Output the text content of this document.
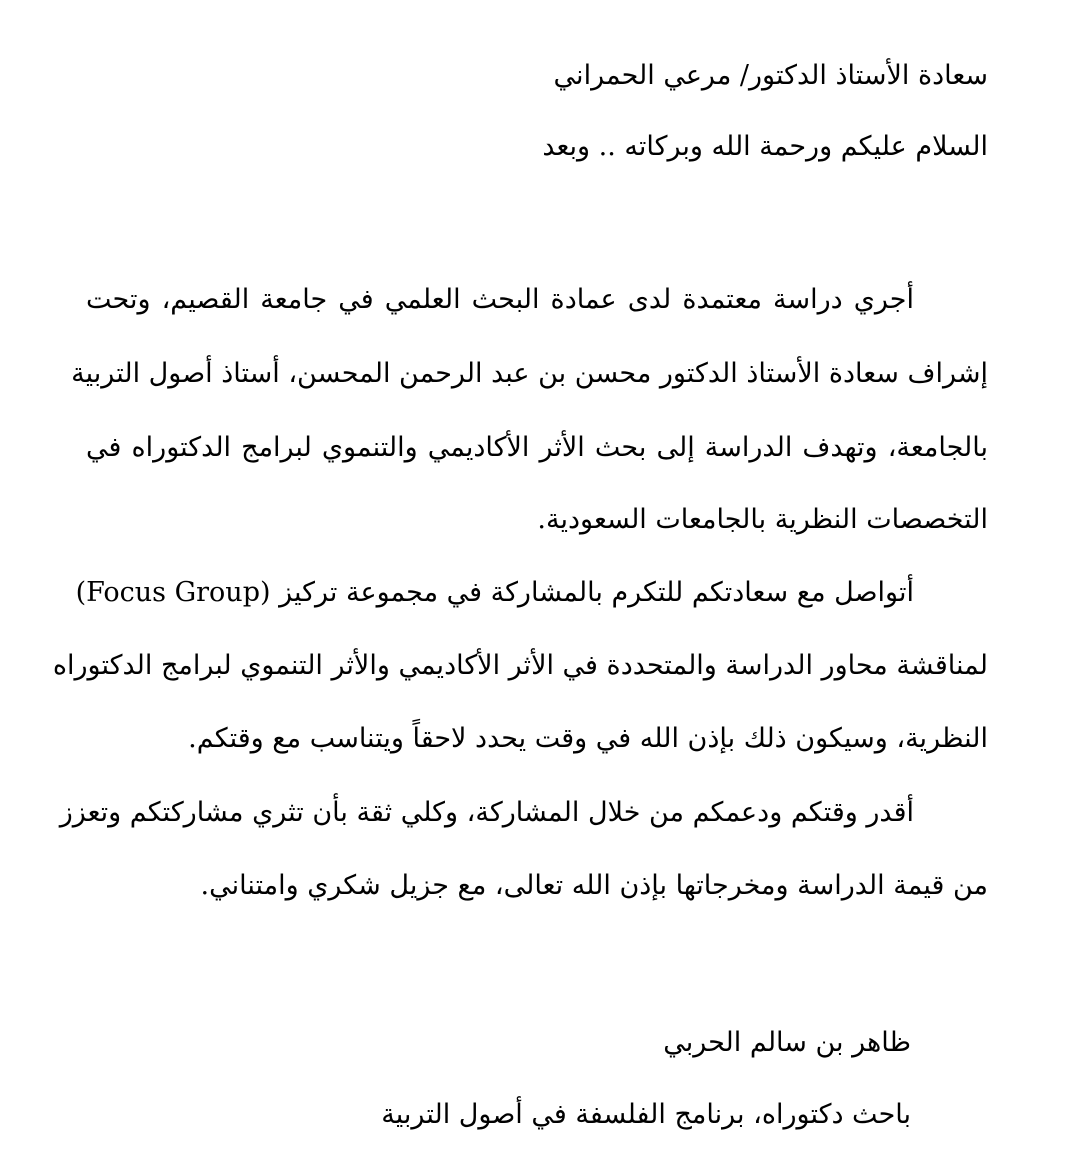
سعادة الأستاذ الدكتور/ مرعي الحمراني
السلام عليكم ورحمة الله وبركاته .. وبعد
أجري دراسة معتمدة لدى عمادة البحث العلمي في جامعة القصيم، وتحت
إشراف سعادة الأستاذ الدكتور محسن بن عبد الرحمن المحسن، أستاذ أصول التربية
بالجامعة، وتهدف الدراسة إلى بحث الأثر الأكاديمي والتنموي لبرامج الدكتوراه في
التخصصات النظرية بالجامعات السعودية.
أتواصل مع سعادتكم للتكرم بالمشاركة في مجموعة تركيز (Focus Group)
لمناقشة محاور الدراسة والمتحددة في الأثر الأكاديمي والأثر التنموي لبرامج الدكتوراه
النظرية، وسيكون ذلك بإذن الله في وقت يحدد لاحقاً ويتناسب مع وقتكم.
أقدر وقتكم ودعمكم من خلال المشاركة، وكلي ثقة بأن تثري مشاركتكم وتعزز
من قيمة الدراسة ومخرجاتها بإذن الله تعالى، مع جزيل شكري وامتناني.
ظاهر بن سالم الحربي
باحث دكتوراه، برنامج الفلسفة في أصول التربية
